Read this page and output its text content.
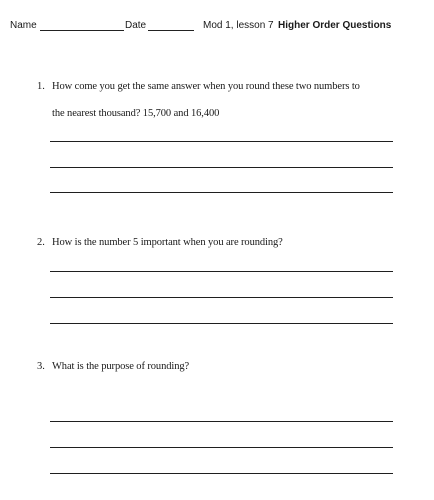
Name	Date	Mod 1, lesson 7 Higher Order Questions
1. How come you get the same answer when you round these two numbers to
the nearest thousand? 15,700 and 16,400
2. How is the number 5 important when you are rounding?
3. What is the purpose of rounding?
